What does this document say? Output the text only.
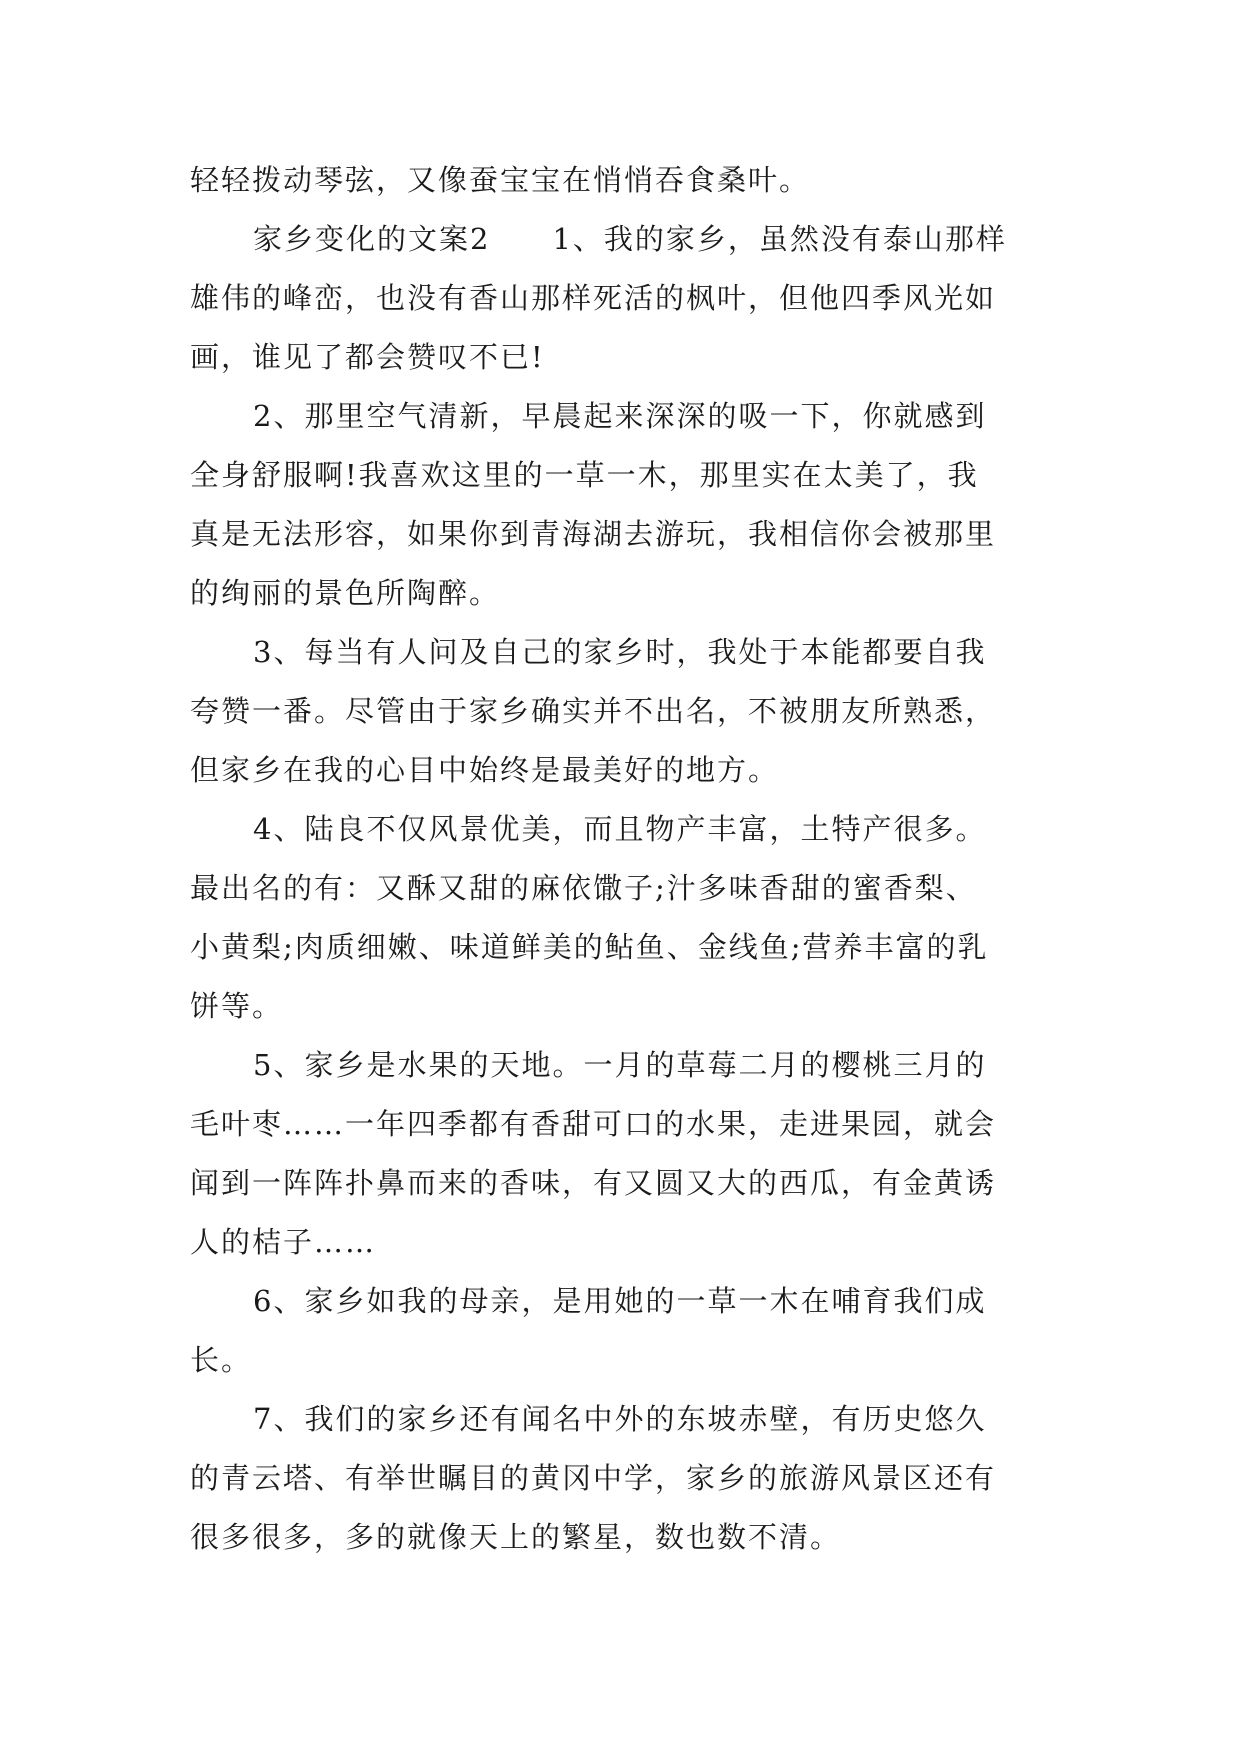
轻轻拨动琴弦，又像蚕宝宝在悄悄吞食桑叶。
家乡变化的文案2　　1、我的家乡，虽然没有泰山那样
雄伟的峰峦，也没有香山那样死活的枫叶，但他四季风光如
画，谁见了都会赞叹不已!
2、那里空气清新，早晨起来深深的吸一下，你就感到
全身舒服啊!我喜欢这里的一草一木，那里实在太美了，我
真是无法形容，如果你到青海湖去游玩，我相信你会被那里
的绚丽的景色所陶醉。
3、每当有人问及自己的家乡时，我处于本能都要自我
夸赞一番。尽管由于家乡确实并不出名，不被朋友所熟悉，
但家乡在我的心目中始终是最美好的地方。
4、陆良不仅风景优美，而且物产丰富，土特产很多。
最出名的有：又酥又甜的麻依馓子;汁多味香甜的蜜香梨、
小黄梨;肉质细嫩、味道鲜美的鲇鱼、金线鱼;营养丰富的乳
饼等。
5、家乡是水果的天地。一月的草莓二月的樱桃三月的
毛叶枣……一年四季都有香甜可口的水果，走进果园，就会
闻到一阵阵扑鼻而来的香味，有又圆又大的西瓜，有金黄诱
人的桔子……
6、家乡如我的母亲，是用她的一草一木在哺育我们成
长。
7、我们的家乡还有闻名中外的东坡赤壁，有历史悠久
的青云塔、有举世瞩目的黄冈中学，家乡的旅游风景区还有
很多很多，多的就像天上的繁星，数也数不清。
